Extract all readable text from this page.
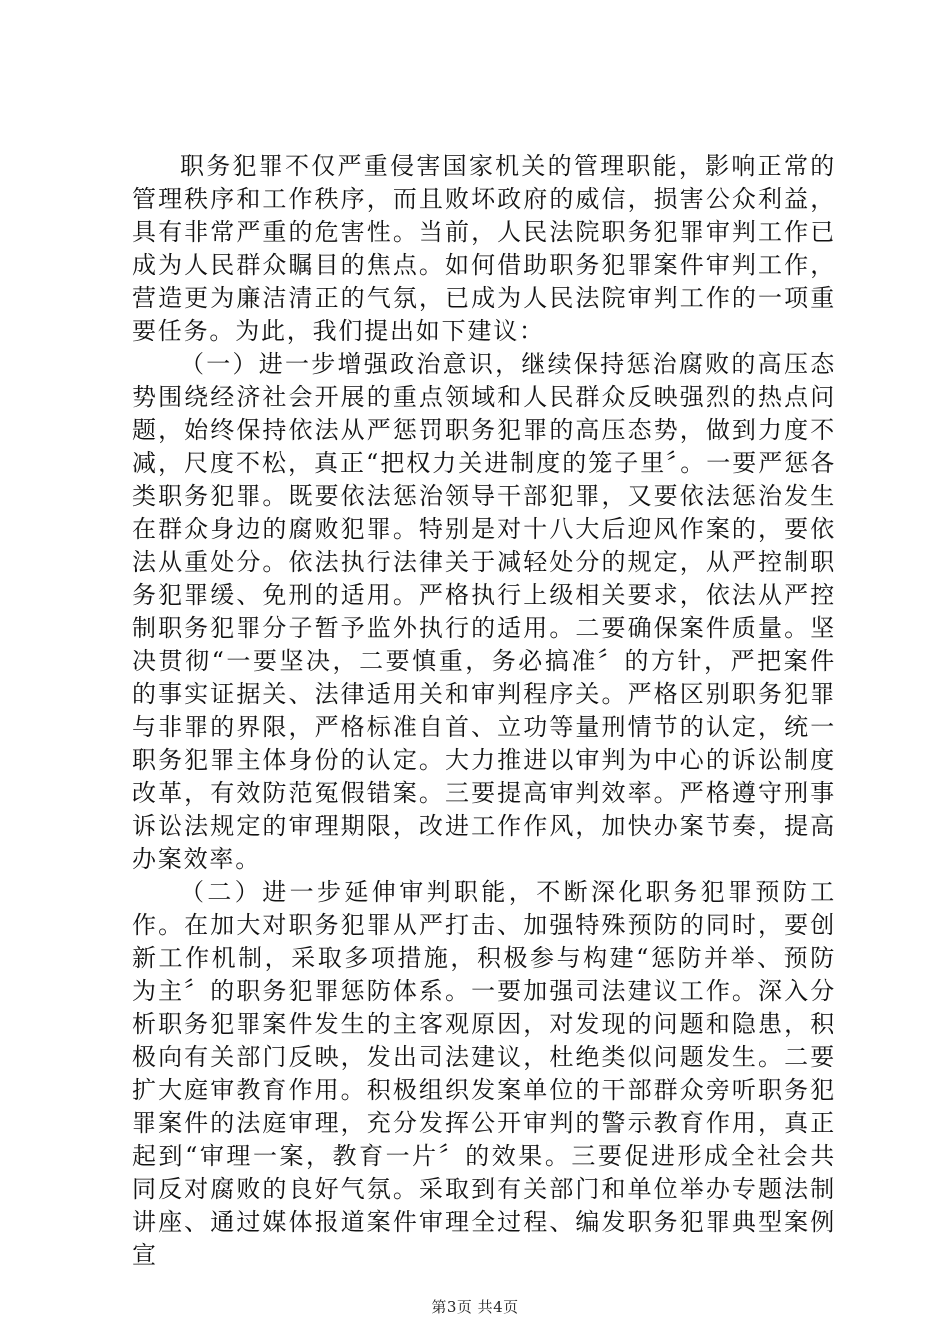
职务犯罪不仅严重侵害国家机关的管理职能，影响正常的管理秩序和工作秩序，而且败坏政府的威信，损害公众利益，具有非常严重的危害性。当前，人民法院职务犯罪审判工作已成为人民群众瞩目的焦点。如何借助职务犯罪案件审判工作，营造更为廉洁清正的气氛，已成为人民法院审判工作的一项重要任务。为此，我们提出如下建议：

（一）进一步增强政治意识，继续保持惩治腐败的高压态势围绕经济社会开展的重点领域和人民群众反映强烈的热点问题，始终保持依法从严惩罚职务犯罪的高压态势，做到力度不减，尺度不松，真正“把权力关进制度的笼子里〞。一要严惩各类职务犯罪。既要依法惩治领导干部犯罪，又要依法惩治发生在群众身边的腐败犯罪。特别是对十八大后迎风作案的，要依法从重处分。依法执行法律关于减轻处分的规定，从严控制职务犯罪缓、免刑的适用。严格执行上级相关要求，依法从严控制职务犯罪分子暂予监外执行的适用。二要确保案件质量。坚决贯彻“一要坚决，二要慎重，务必搞准〞的方针，严把案件的事实证据关、法律适用关和审判程序关。严格区别职务犯罪与非罪的界限，严格标准自首、立功等量刑情节的认定，统一职务犯罪主体身份的认定。大力推进以审判为中心的诉讼制度改革，有效防范冤假错案。三要提高审判效率。严格遵守刑事诉讼法规定的审理期限，改进工作作风，加快办案节奏，提高办案效率。

（二）进一步延伸审判职能，不断深化职务犯罪预防工作。在加大对职务犯罪从严打击、加强特殊预防的同时，要创新工作机制，采取多项措施，积极参与构建“惩防并举、预防为主〞的职务犯罪惩防体系。一要加强司法建议工作。深入分析职务犯罪案件发生的主客观原因，对发现的问题和隐患，积极向有关部门反映，发出司法建议，杜绝类似问题发生。二要扩大庭审教育作用。积极组织发案单位的干部群众旁听职务犯罪案件的法庭审理，充分发挥公开审判的警示教育作用，真正起到“审理一案，教育一片〞的效果。三要促进形成全社会共同反对腐败的良好气氛。采取到有关部门和单位举办专题法制讲座、通过媒体报道案件审理全过程、编发职务犯罪典型案例宣

第3页 共4页
